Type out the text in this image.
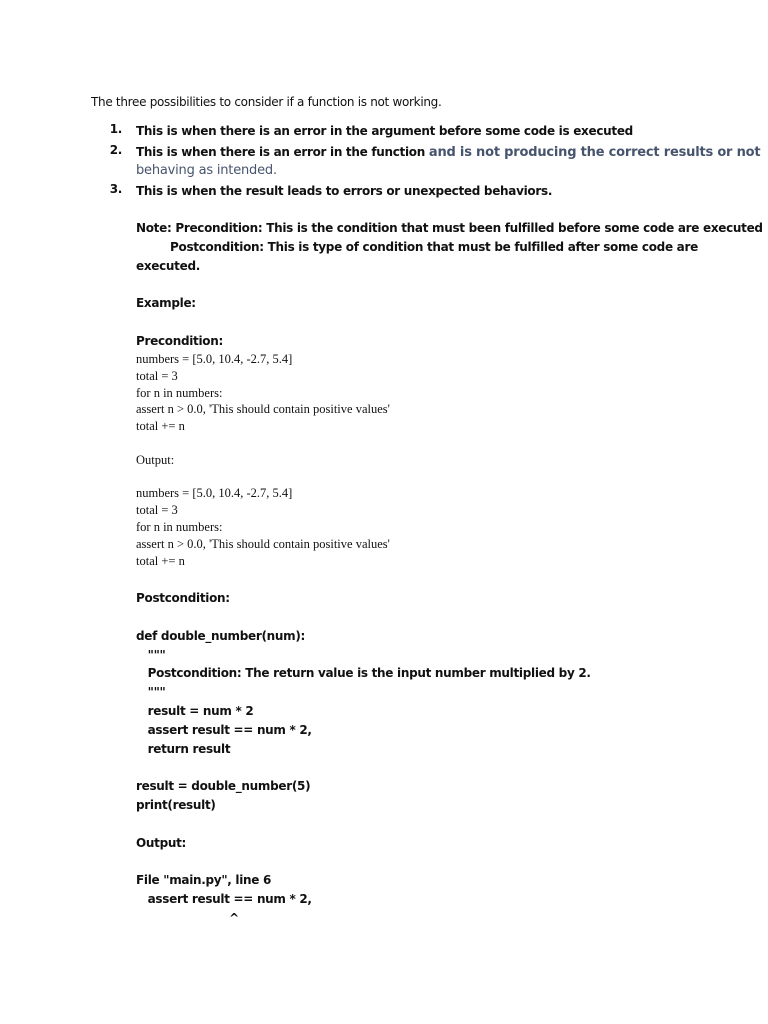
The three possibilities to consider if a function is not working.
1. This is when there is an error in the argument before some code is executed
2. This is when there is an error in the function and is not producing the correct results or not
behaving as intended.
3. This is when the result leads to errors or unexpected behaviors.
Note: Precondition: This is the condition that must been fulfilled before some code are executed
Postcondition: This is type of condition that must be fulfilled after some code are
executed.
Example:
Precondition:
numbers = [5.0, 10.4, -2.7, 5.4]
total = 3
for n in numbers:
assert n > 0.0, 'This should contain positive values'
total += n
Output:
numbers = [5.0, 10.4, -2.7, 5.4]
total = 3
for n in numbers:
assert n > 0.0, 'This should contain positive values'
total += n
Postcondition:
def double_number(num):
"""
Postcondition: The return value is the input number multiplied by 2.
"""
result = num * 2
assert result == num * 2,
return result
result = double_number(5)
print(result)
Output:
File "main.py", line 6
assert result == num * 2,
^
